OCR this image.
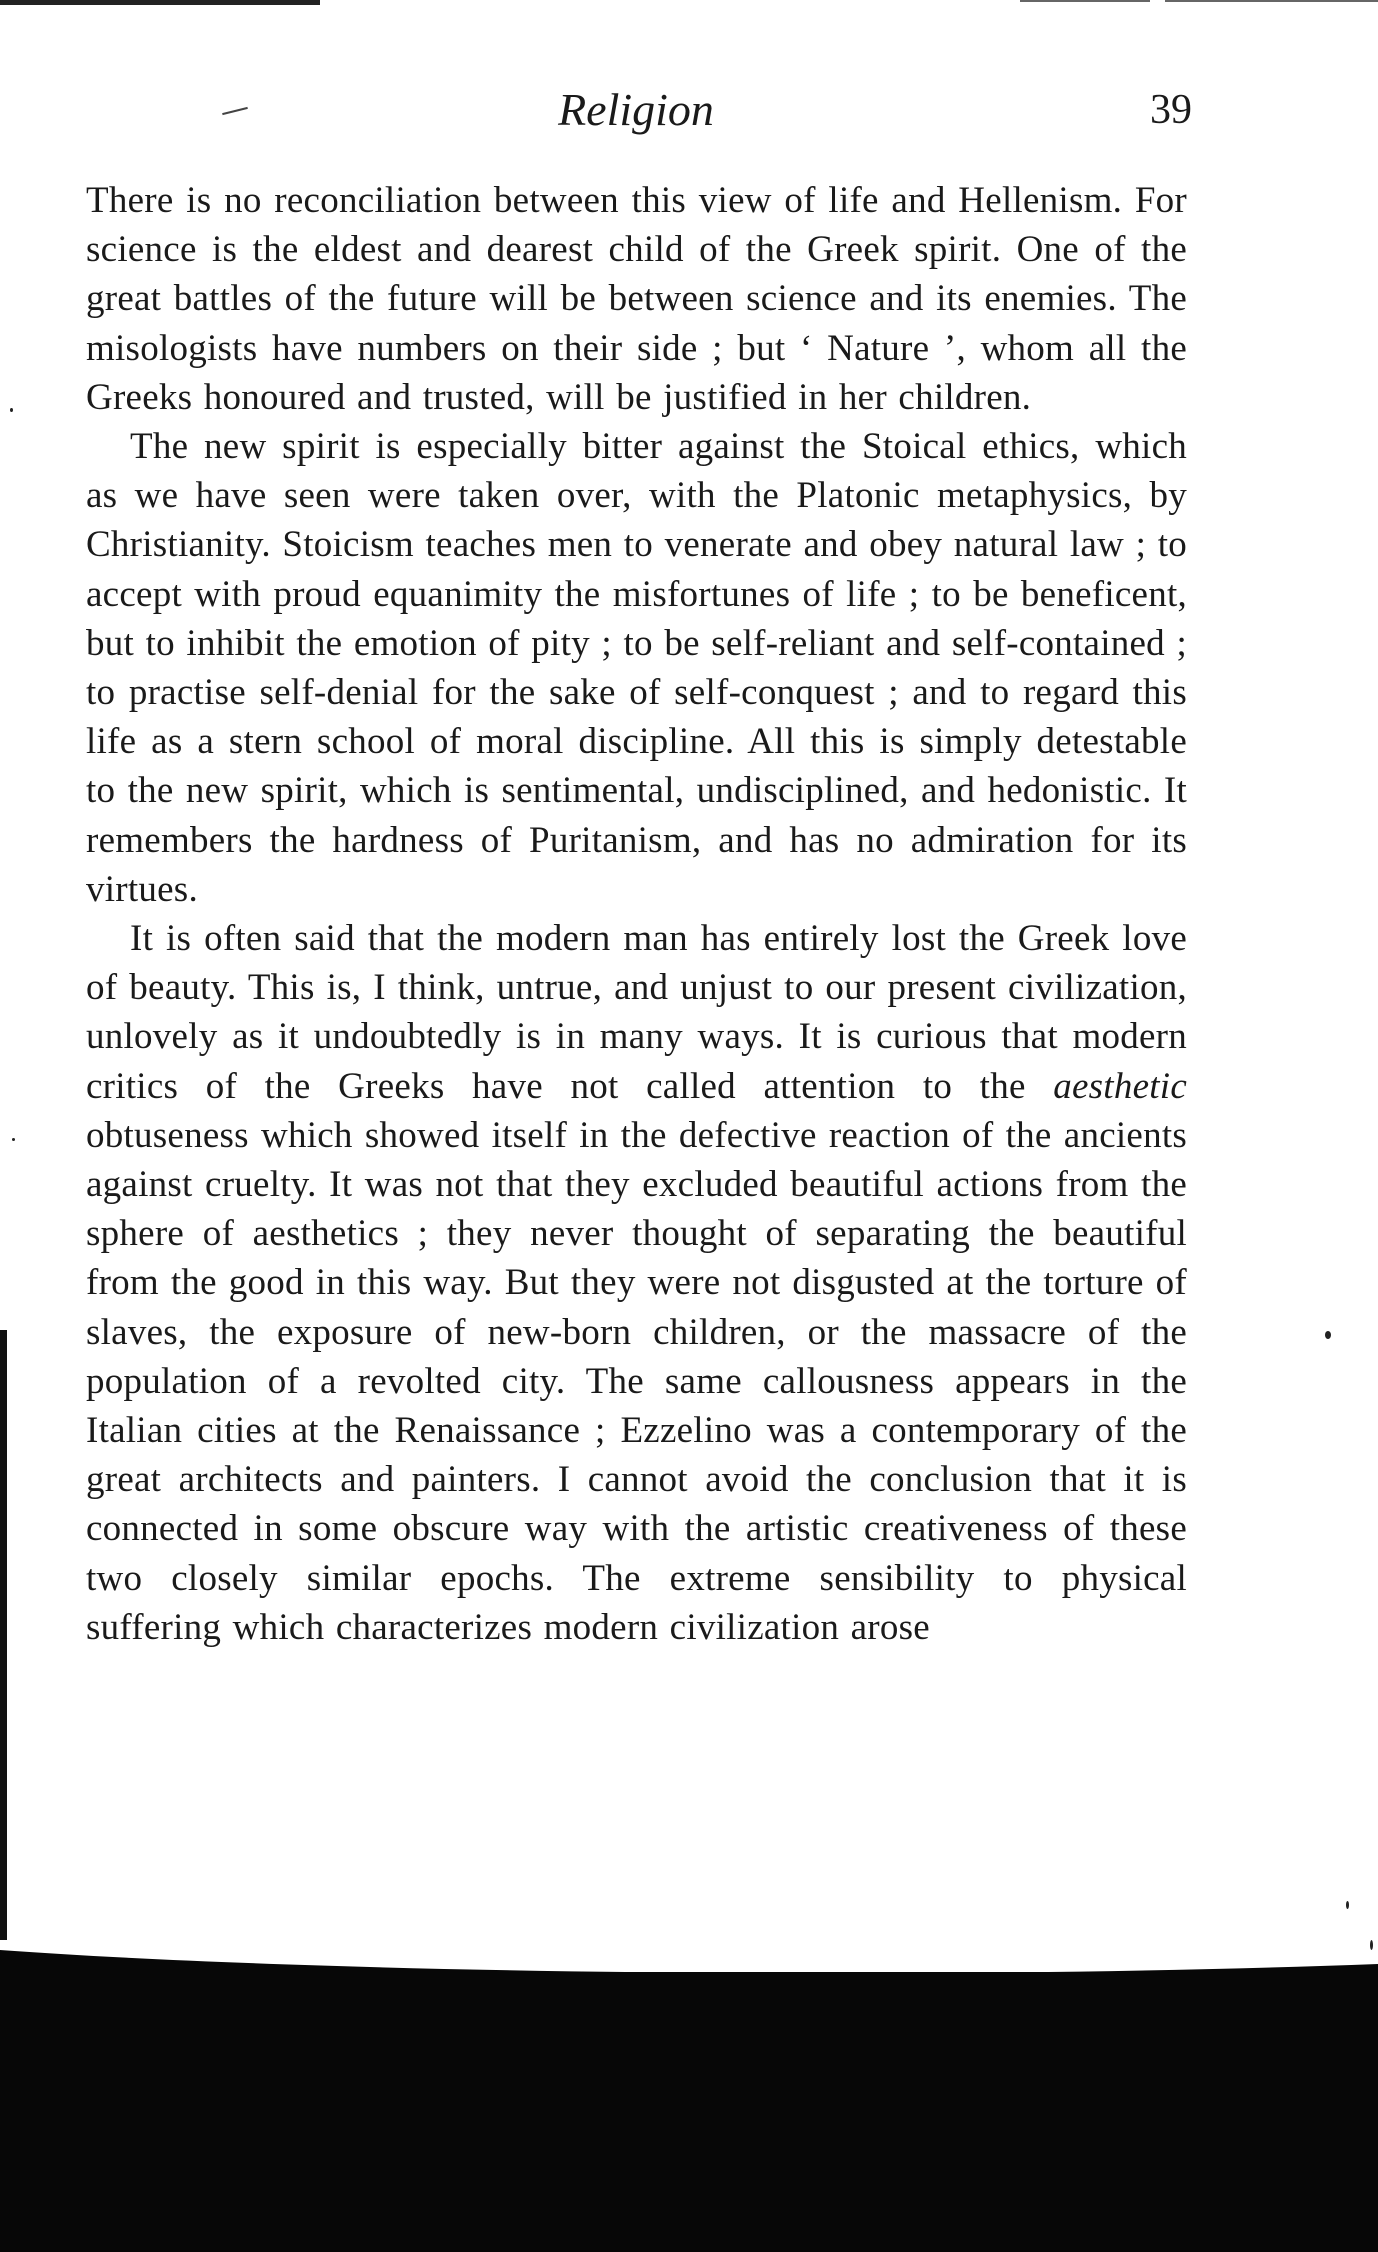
Religion	39

There is no reconciliation between this view of life and Hellenism. For science is the eldest and dearest child of the Greek spirit. One of the great battles of the future will be between science and its enemies. The misologists have numbers on their side ; but ‘ Nature ’, whom all the Greeks honoured and trusted, will be justified in her children.

The new spirit is especially bitter against the Stoical ethics, which as we have seen were taken over, with the Platonic metaphysics, by Christianity. Stoicism teaches men to venerate and obey natural law ; to accept with proud equanimity the misfortunes of life ; to be beneficent, but to inhibit the emotion of pity ; to be self-reliant and self-contained ; to practise self-denial for the sake of self-conquest ; and to regard this life as a stern school of moral discipline. All this is simply detestable to the new spirit, which is sentimental, undisciplined, and hedonistic. It remembers the hardness of Puritanism, and has no admiration for its virtues.

It is often said that the modern man has entirely lost the Greek love of beauty. This is, I think, untrue, and unjust to our present civilization, unlovely as it undoubtedly is in many ways. It is curious that modern critics of the Greeks have not called attention to the aesthetic obtuseness which showed itself in the defective reaction of the ancients against cruelty. It was not that they excluded beautiful actions from the sphere of aesthetics ; they never thought of separating the beautiful from the good in this way. But they were not disgusted at the torture of slaves, the exposure of new-born children, or the massacre of the population of a revolted city. The same callousness appears in the Italian cities at the Renaissance ; Ezzelino was a contemporary of the great architects and painters. I cannot avoid the conclusion that it is connected in some obscure way with the artistic creativeness of these two closely similar epochs. The extreme sensibility to physical suffering which characterizes modern civilization arose
